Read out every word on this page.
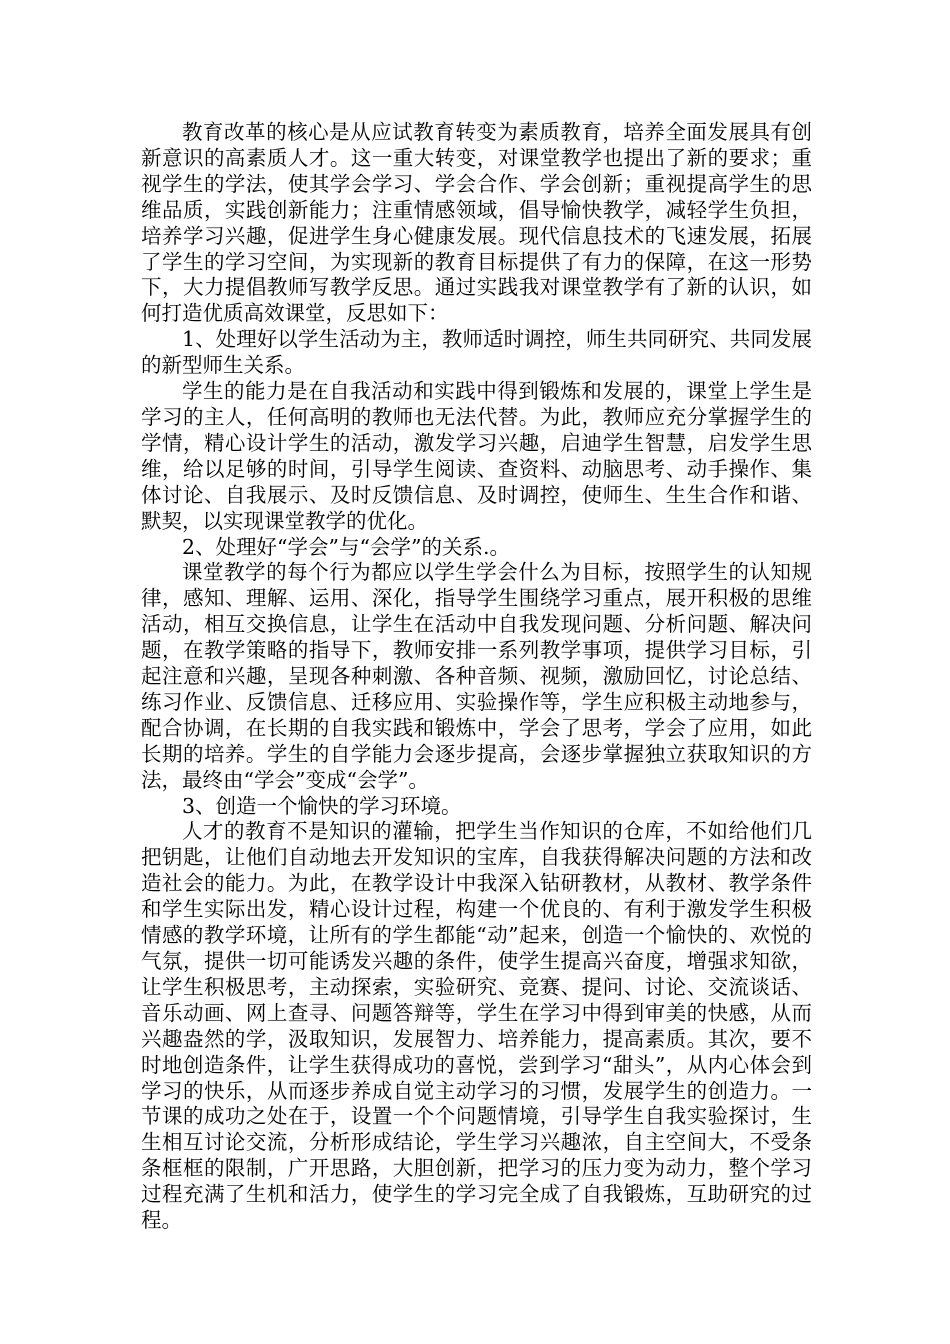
教育改革的核心是从应试教育转变为素质教育，培养全面发展具有创新意识的高素质人才。这一重大转变，对课堂教学也提出了新的要求；重视学生的学法，使其学会学习、学会合作、学会创新；重视提高学生的思维品质，实践创新能力；注重情感领域，倡导愉快教学，减轻学生负担，培养学习兴趣，促进学生身心健康发展。现代信息技术的飞速发展，拓展了学生的学习空间，为实现新的教育目标提供了有力的保障，在这一形势下，大力提倡教师写教学反思。通过实践我对课堂教学有了新的认识，如何打造优质高效课堂，反思如下：

1、处理好以学生活动为主，教师适时调控，师生共同研究、共同发展的新型师生关系。

学生的能力是在自我活动和实践中得到锻炼和发展的，课堂上学生是学习的主人，任何高明的教师也无法代替。为此，教师应充分掌握学生的学情，精心设计学生的活动，激发学习兴趣，启迪学生智慧，启发学生思维，给以足够的时间，引导学生阅读、查资料、动脑思考、动手操作、集体讨论、自我展示、及时反馈信息、及时调控，使师生、生生合作和谐、默契，以实现课堂教学的优化。

2、处理好“学会”与“会学”的关系.。

课堂教学的每个行为都应以学生学会什么为目标，按照学生的认知规律，感知、理解、运用、深化，指导学生围绕学习重点，展开积极的思维活动，相互交换信息，让学生在活动中自我发现问题、分析问题、解决问题，在教学策略的指导下，教师安排一系列教学事项，提供学习目标，引起注意和兴趣，呈现各种刺激、各种音频、视频，激励回忆，讨论总结、练习作业、反馈信息、迁移应用、实验操作等，学生应积极主动地参与，配合协调，在长期的自我实践和锻炼中，学会了思考，学会了应用，如此长期的培养。学生的自学能力会逐步提高，会逐步掌握独立获取知识的方法，最终由“学会”变成“会学”。

3、创造一个愉快的学习环境。

人才的教育不是知识的灌输，把学生当作知识的仓库，不如给他们几把钥匙，让他们自动地去开发知识的宝库，自我获得解决问题的方法和改造社会的能力。为此，在教学设计中我深入钻研教材，从教材、教学条件和学生实际出发，精心设计过程，构建一个优良的、有利于激发学生积极情感的教学环境，让所有的学生都能“动”起来，创造一个愉快的、欢悦的气氛，提供一切可能诱发兴趣的条件，使学生提高兴奋度，增强求知欲，让学生积极思考，主动探索，实验研究、竞赛、提问、讨论、交流谈话、音乐动画、网上查寻、问题答辩等，学生在学习中得到审美的快感，从而兴趣盎然的学，汲取知识，发展智力、培养能力，提高素质。其次，要不时地创造条件，让学生获得成功的喜悦，尝到学习“甜头”，从内心体会到学习的快乐，从而逐步养成自觉主动学习的习惯，发展学生的创造力。一节课的成功之处在于，设置一个个问题情境，引导学生自我实验探讨，生生相互讨论交流，分析形成结论，学生学习兴趣浓，自主空间大，不受条条框框的限制，广开思路，大胆创新，把学习的压力变为动力，整个学习过程充满了生机和活力，使学生的学习完全成了自我锻炼，互助研究的过程。
